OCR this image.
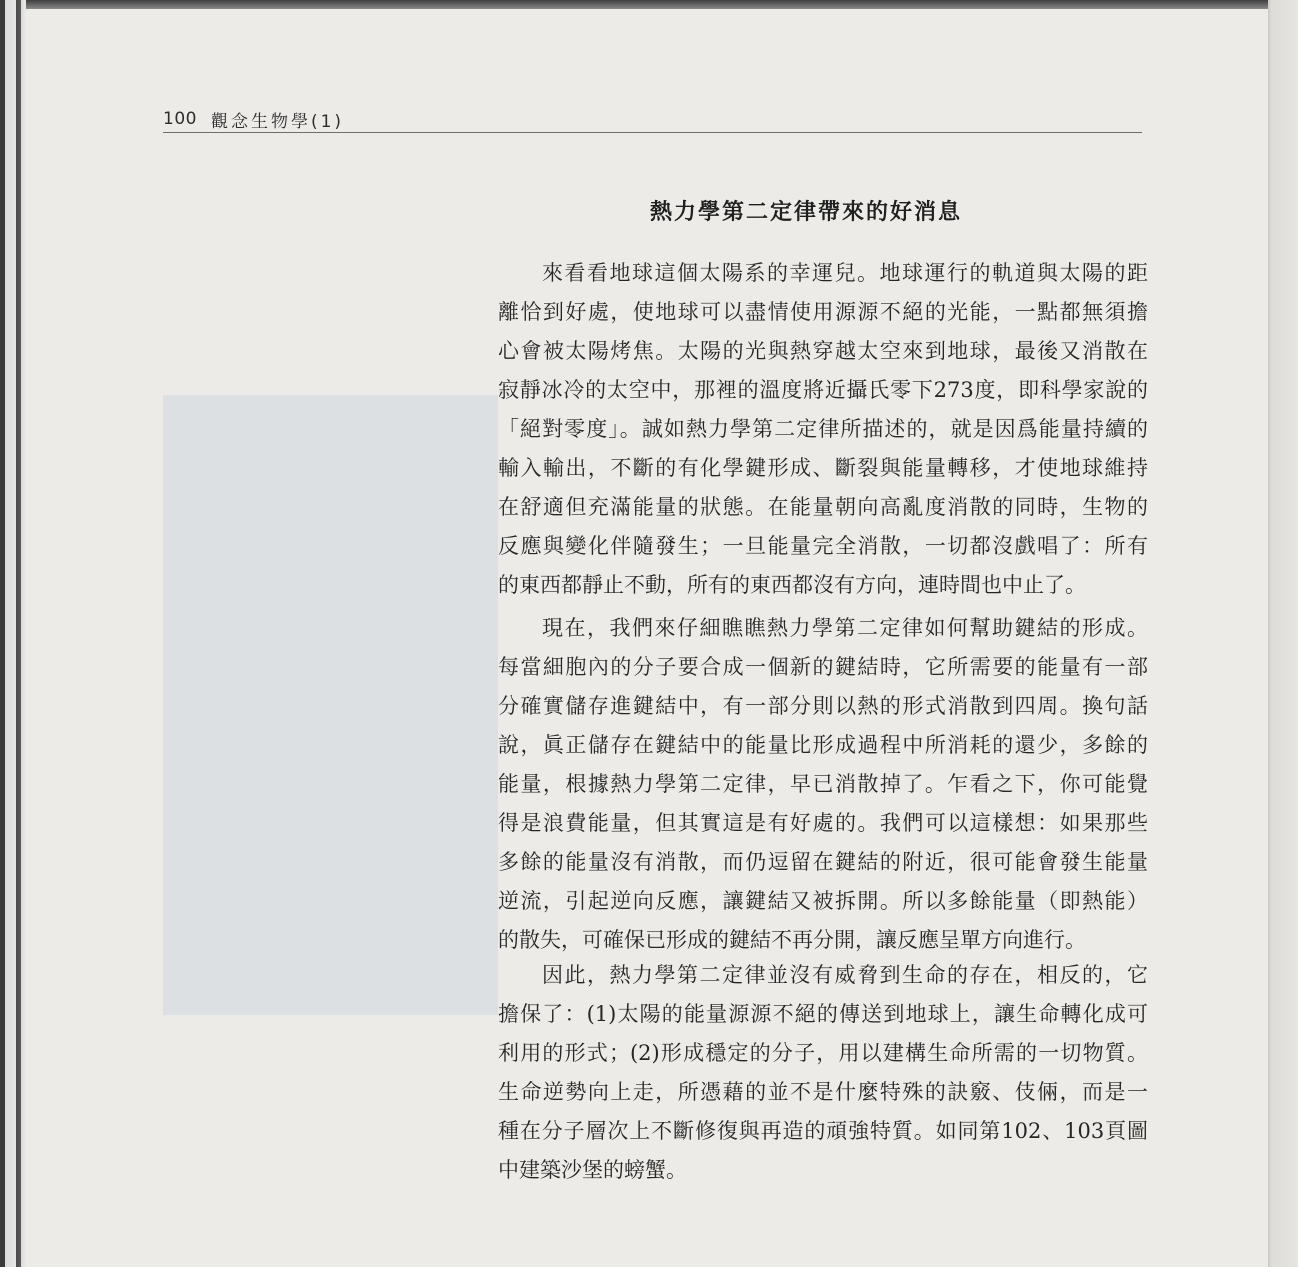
100 觀念生物學(1)
熱力學第二定律帶來的好消息
來看看地球這個太陽系的幸運兒。地球運行的軌道與太陽的距
離恰到好處，使地球可以盡情使用源源不絕的光能，一點都無須擔
心會被太陽烤焦。太陽的光與熱穿越太空來到地球，最後又消散在
寂靜冰冷的太空中，那裡的溫度將近攝氏零下273度，即科學家說的
「絕對零度」。誠如熱力學第二定律所描述的，就是因爲能量持續的
輸入輸出，不斷的有化學鍵形成、斷裂與能量轉移，才使地球維持
在舒適但充滿能量的狀態。在能量朝向高亂度消散的同時，生物的
反應與變化伴隨發生；一旦能量完全消散，一切都沒戲唱了：所有
的東西都靜止不動，所有的東西都沒有方向，連時間也中止了。
現在，我們來仔細瞧瞧熱力學第二定律如何幫助鍵結的形成。
每當細胞內的分子要合成一個新的鍵結時，它所需要的能量有一部
分確實儲存進鍵結中，有一部分則以熱的形式消散到四周。換句話
說，眞正儲存在鍵結中的能量比形成過程中所消耗的還少，多餘的
能量，根據熱力學第二定律，早已消散掉了。乍看之下，你可能覺
得是浪費能量，但其實這是有好處的。我們可以這樣想：如果那些
多餘的能量沒有消散，而仍逗留在鍵結的附近，很可能會發生能量
逆流，引起逆向反應，讓鍵結又被拆開。所以多餘能量（即熱能）
的散失，可確保已形成的鍵結不再分開，讓反應呈單方向進行。
因此，熱力學第二定律並沒有威脅到生命的存在，相反的，它
擔保了：(1)太陽的能量源源不絕的傳送到地球上，讓生命轉化成可
利用的形式；(2)形成穩定的分子，用以建構生命所需的一切物質。
生命逆勢向上走，所憑藉的並不是什麼特殊的訣竅、伎倆，而是一
種在分子層次上不斷修復與再造的頑強特質。如同第102、103頁圖
中建築沙堡的螃蟹。
